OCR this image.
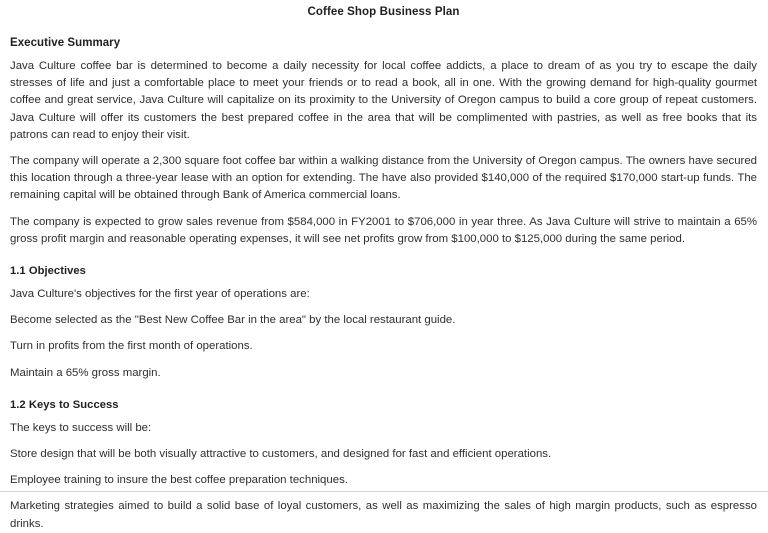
Coffee Shop Business Plan
Executive Summary

Java Culture coffee bar is determined to become a daily necessity for local coffee addicts, a place to dream of as you try to escape the daily stresses of life and just a comfortable place to meet your friends or to read a book, all in one. With the growing demand for high-quality gourmet coffee and great service, Java Culture will capitalize on its proximity to the University of Oregon campus to build a core group of repeat customers. Java Culture will offer its customers the best prepared coffee in the area that will be complimented with pastries, as well as free books that its patrons can read to enjoy their visit.

The company will operate a 2,300 square foot coffee bar within a walking distance from the University of Oregon campus. The owners have secured this location through a three-year lease with an option for extending. The have also provided $140,000 of the required $170,000 start-up funds. The remaining capital will be obtained through Bank of America commercial loans.

The company is expected to grow sales revenue from $584,000 in FY2001 to $706,000 in year three. As Java Culture will strive to maintain a 65% gross profit margin and reasonable operating expenses, it will see net profits grow from $100,000 to $125,000 during the same period.

1.1 Objectives

Java Culture's objectives for the first year of operations are:

Become selected as the "Best New Coffee Bar in the area" by the local restaurant guide.

Turn in profits from the first month of operations.

Maintain a 65% gross margin.

1.2 Keys to Success

The keys to success will be:

Store design that will be both visually attractive to customers, and designed for fast and efficient operations.

Employee training to insure the best coffee preparation techniques.

Marketing strategies aimed to build a solid base of loyal customers, as well as maximizing the sales of high margin products, such as espresso drinks.
